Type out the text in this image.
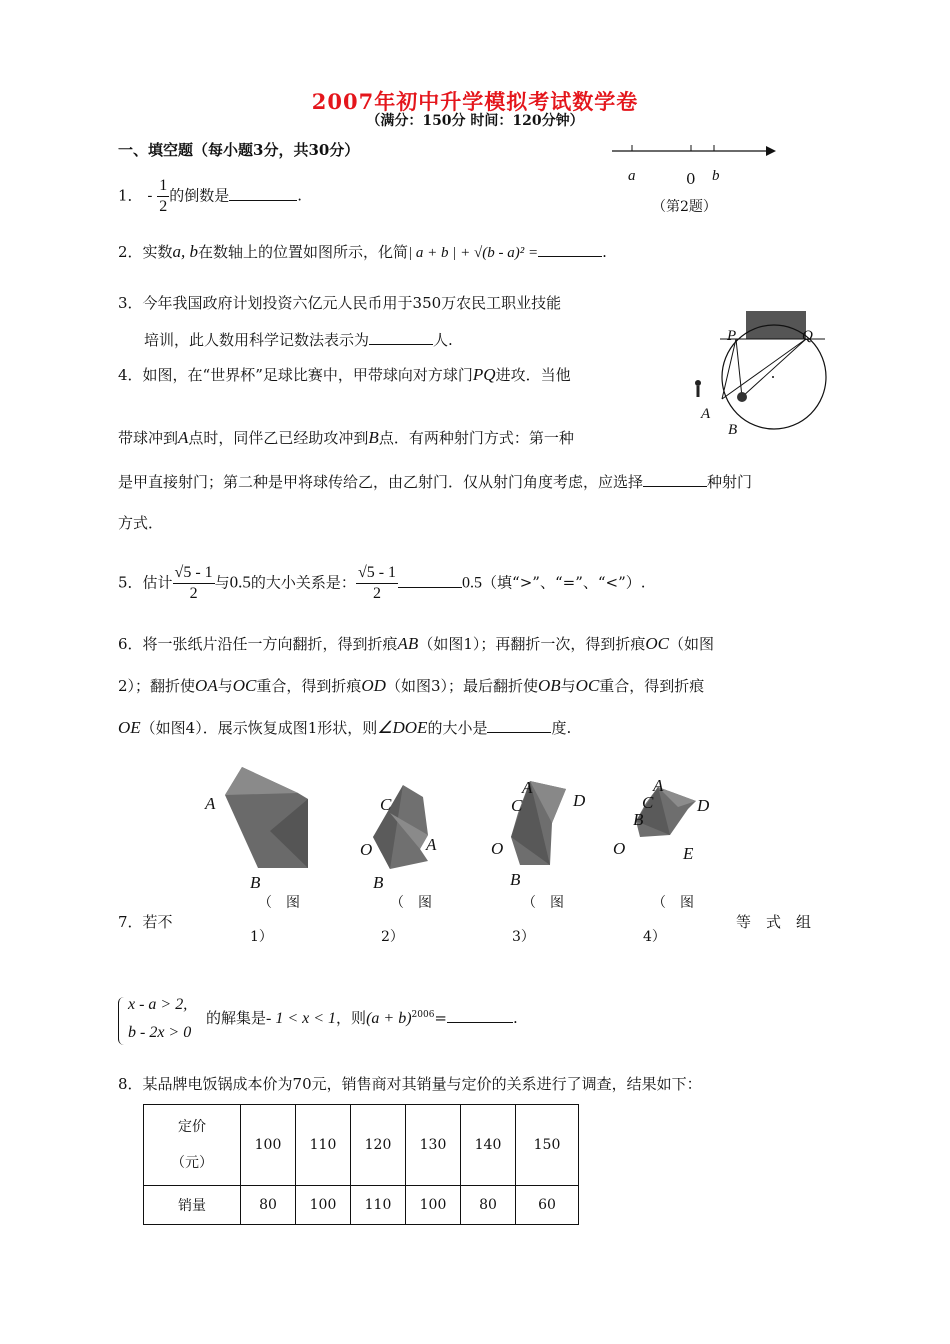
2007年初中升学模拟考试数学卷
（满分：150分 时间：120分钟）
一、填空题（每小题3分，共30分）
a	0 b
（第2题）
1． - $\frac{1}{2}$ 的倒数是	.
2．实数a, b在数轴上的位置如图所示，化简| a + b | + √(b - a)² =	.
3．今年我国政府计划投资六亿元人民币用于350万农民工职业技能
培训，此人数用科学记数法表示为	人.	P	Q
A
B
4．如图，在“世界杯”足球比赛中，甲带球向对方球门PQ进攻．当他
带球冲到A点时，同伴乙已经助攻冲到B点．有两种射门方式：第一种
是甲直接射门；第二种是甲将球传给乙，由乙射门．仅从射门角度考虑，应选择	种射门
方式．
5．估计 $\frac{√5 - 1}{2}$ 与0.5的大小关系是： $\frac{√5 - 1}{2}$	0.5（填“>”、“=”、“<”）.
6．将一张纸片沿任一方向翻折，得到折痕AB（如图1）；再翻折一次，得到折痕OC（如图
2）；翻折使OA与OC重合，得到折痕OD（如图3）；最后翻折使OB与OC重合，得到折痕
OE（如图4）．展示恢复成图1形状，则∠DOE的大小是	度.
A
B
C
O	A
B
A
C	D
O
B
A
C	D
B
O	E
7．若不
（　图
1）
（　图
2）
（　图
3）
（　图
4）
等　式　组
x - a > 2,
b - 2x > 0
的解集是- 1 < x < 1，则$(a + b)^{2006}=$	.
8．某品牌电饭锅成本价为70元，销售商对其销量与定价的关系进行了调查，结果如下：
定价
（元）	100	110	120	130	140	150
销量	80	100	110	100	80	60
